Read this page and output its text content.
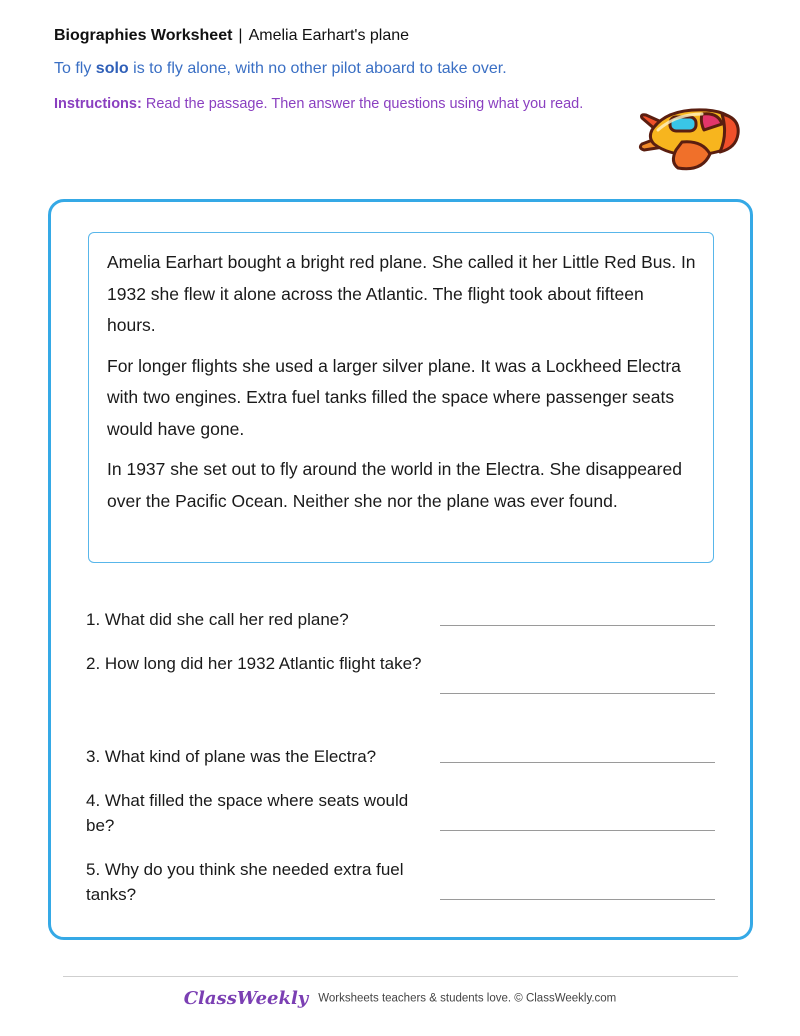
Biographies Worksheet | Amelia Earhart's plane
To fly solo is to fly alone, with no other pilot aboard to take over.
Instructions: Read the passage. Then answer the questions using what you read.

Amelia Earhart bought a bright red plane. She called it her Little Red Bus. In 1932 she flew it alone across the Atlantic. The flight took about fifteen hours.

For longer flights she used a larger silver plane. It was a Lockheed Electra with two engines. Extra fuel tanks filled the space where passenger seats would have gone.

In 1937 she set out to fly around the world in the Electra. She disappeared over the Pacific Ocean. Neither she nor the plane was ever found.

1. What did she call her red plane?
2. How long did her 1932 Atlantic flight take?
3. What kind of plane was the Electra?
4. What filled the space where seats would be?
5. Why do you think she needed extra fuel tanks?
ClassWeekly Worksheets teachers & students love. © ClassWeekly.com
